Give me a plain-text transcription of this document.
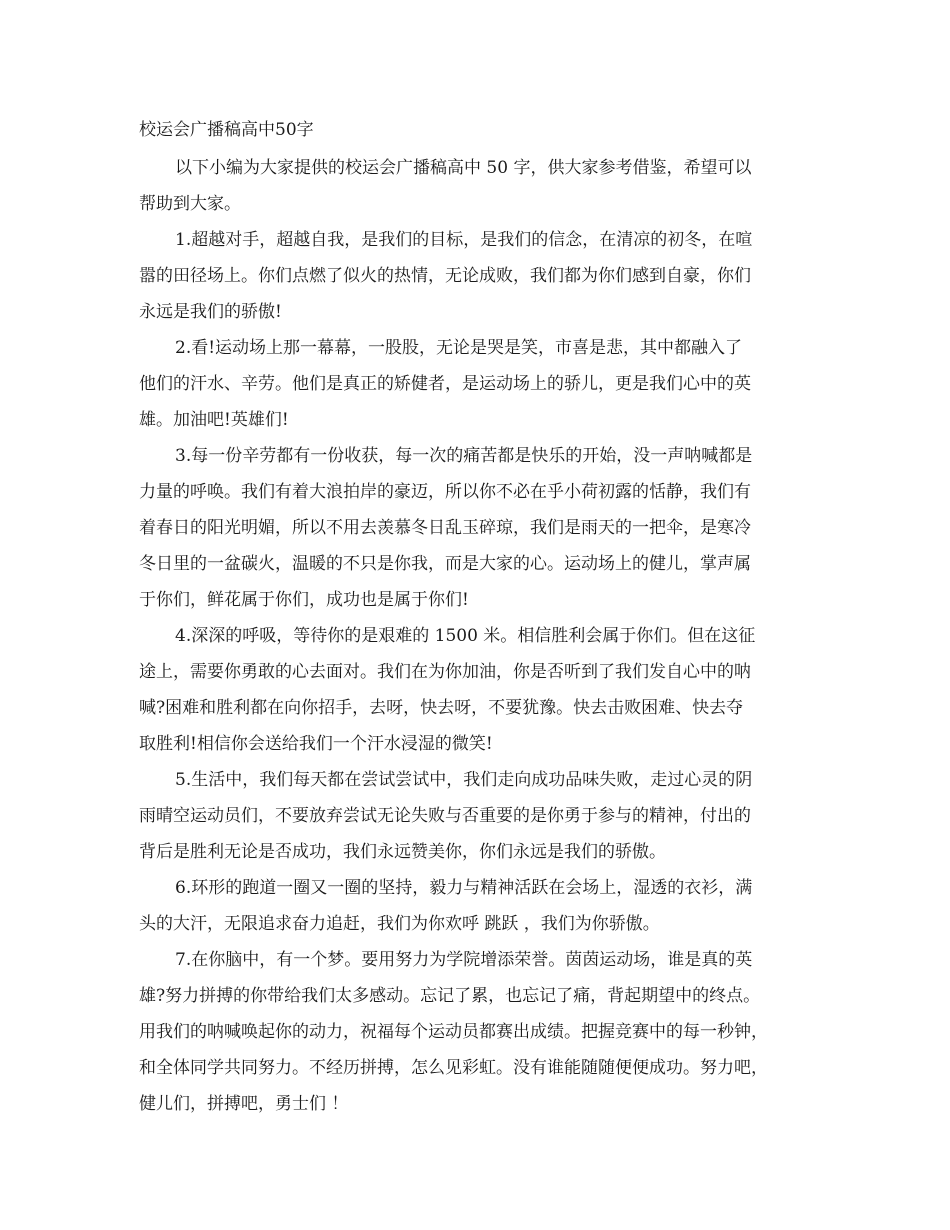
校运会广播稿高中50字
以下小编为大家提供的校运会广播稿高中 50 字，供大家参考借鉴，希望可以
帮助到大家。
1.超越对手，超越自我，是我们的目标，是我们的信念，在清凉的初冬，在喧
嚣的田径场上。你们点燃了似火的热情，无论成败，我们都为你们感到自豪，你们
永远是我们的骄傲!
2.看!运动场上那一幕幕，一股股，无论是哭是笑，市喜是悲，其中都融入了
他们的汗水、辛劳。他们是真正的矫健者，是运动场上的骄儿，更是我们心中的英
雄。加油吧!英雄们!
3.每一份辛劳都有一份收获，每一次的痛苦都是快乐的开始，没一声呐喊都是
力量的呼唤。我们有着大浪拍岸的豪迈，所以你不必在乎小荷初露的恬静，我们有
着春日的阳光明媚，所以不用去羡慕冬日乱玉碎琼，我们是雨天的一把伞，是寒冷
冬日里的一盆碳火，温暖的不只是你我，而是大家的心。运动场上的健儿，掌声属
于你们，鲜花属于你们，成功也是属于你们!
4.深深的呼吸，等待你的是艰难的 1500 米。相信胜利会属于你们。但在这征
途上，需要你勇敢的心去面对。我们在为你加油，你是否听到了我们发自心中的呐
喊?困难和胜利都在向你招手，去呀，快去呀，不要犹豫。快去击败困难、快去夺
取胜利!相信你会送给我们一个汗水浸湿的微笑!
5.生活中，我们每天都在尝试尝试中，我们走向成功品味失败，走过心灵的阴
雨晴空运动员们，不要放弃尝试无论失败与否重要的是你勇于参与的精神，付出的
背后是胜利无论是否成功，我们永远赞美你，你们永远是我们的骄傲。
6.环形的跑道一圈又一圈的坚持，毅力与精神活跃在会场上，湿透的衣衫，满
头的大汗，无限追求奋力追赶，我们为你欢呼 跳跃 ，我们为你骄傲。
7.在你脑中，有一个梦。要用努力为学院增添荣誉。茵茵运动场，谁是真的英
雄?努力拼搏的你带给我们太多感动。忘记了累，也忘记了痛，背起期望中的终点。
用我们的呐喊唤起你的动力，祝福每个运动员都赛出成绩。把握竞赛中的每一秒钟，
和全体同学共同努力。不经历拼搏，怎么见彩虹。没有谁能随随便便成功。努力吧，
健儿们，拼搏吧，勇士们 ！
